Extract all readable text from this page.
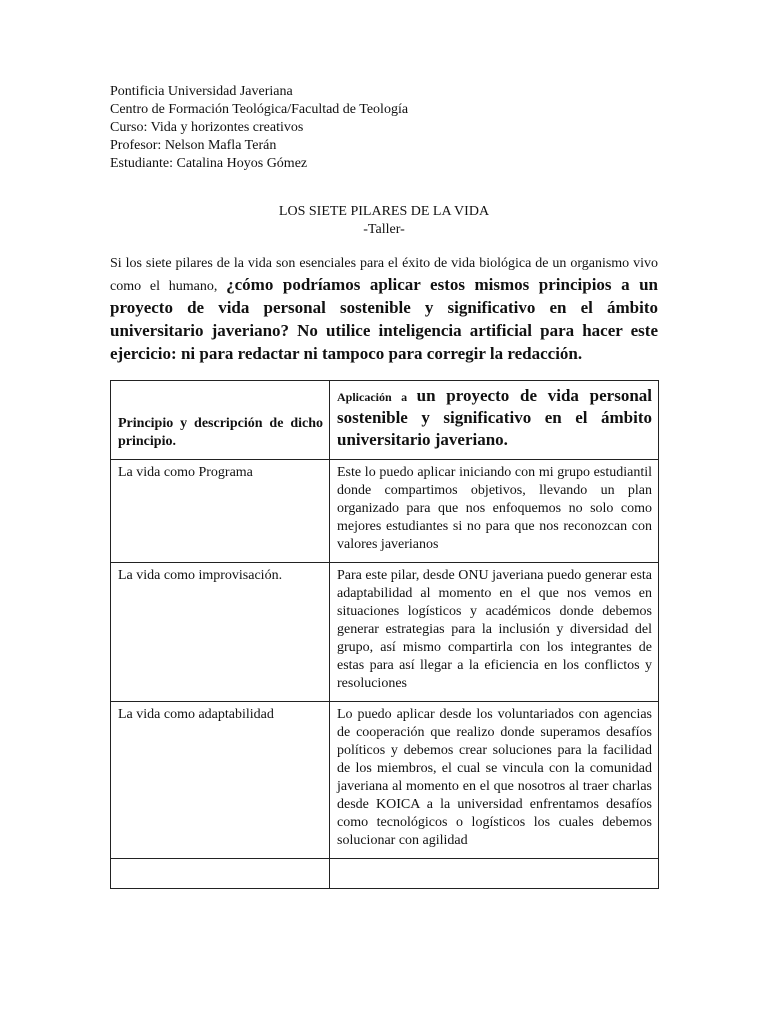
Pontificia Universidad Javeriana

Centro de Formación Teológica/Facultad de Teología

Curso: Vida y horizontes creativos

Profesor: Nelson Mafla Terán

Estudiante: Catalina Hoyos Gómez

LOS SIETE PILARES DE LA VIDA
-Taller-

Si los siete pilares de la vida son esenciales para el éxito de vida biológica de un organismo vivo como el humano, ¿cómo podríamos aplicar estos mismos principios a un proyecto de vida personal sostenible y significativo en el ámbito universitario javeriano? No utilice inteligencia artificial para hacer este ejercicio: ni para redactar ni tampoco para corregir la redacción.

Principio y descripción de dicho principio.	Aplicación a un proyecto de vida personal sostenible y significativo en el ámbito universitario javeriano.
La vida como Programa	Este lo puedo aplicar iniciando con mi grupo estudiantil donde compartimos objetivos, llevando un plan organizado para que nos enfoquemos no solo como mejores estudiantes si no para que nos reconozcan con valores javerianos
La vida como improvisación.	Para este pilar, desde ONU javeriana puedo generar esta adaptabilidad al momento en el que nos vemos en situaciones logísticos y académicos donde debemos generar estrategias para la inclusión y diversidad del grupo, así mismo compartirla con los integrantes de estas para así llegar a la eficiencia en los conflictos y resoluciones
La vida como adaptabilidad	Lo puedo aplicar desde los voluntariados con agencias de cooperación que realizo donde superamos desafíos políticos y debemos crear soluciones para la facilidad de los miembros, el cual se vincula con la comunidad javeriana al momento en el que nosotros al traer charlas desde KOICA a la universidad enfrentamos desafíos como tecnológicos o logísticos los cuales debemos solucionar con agilidad
